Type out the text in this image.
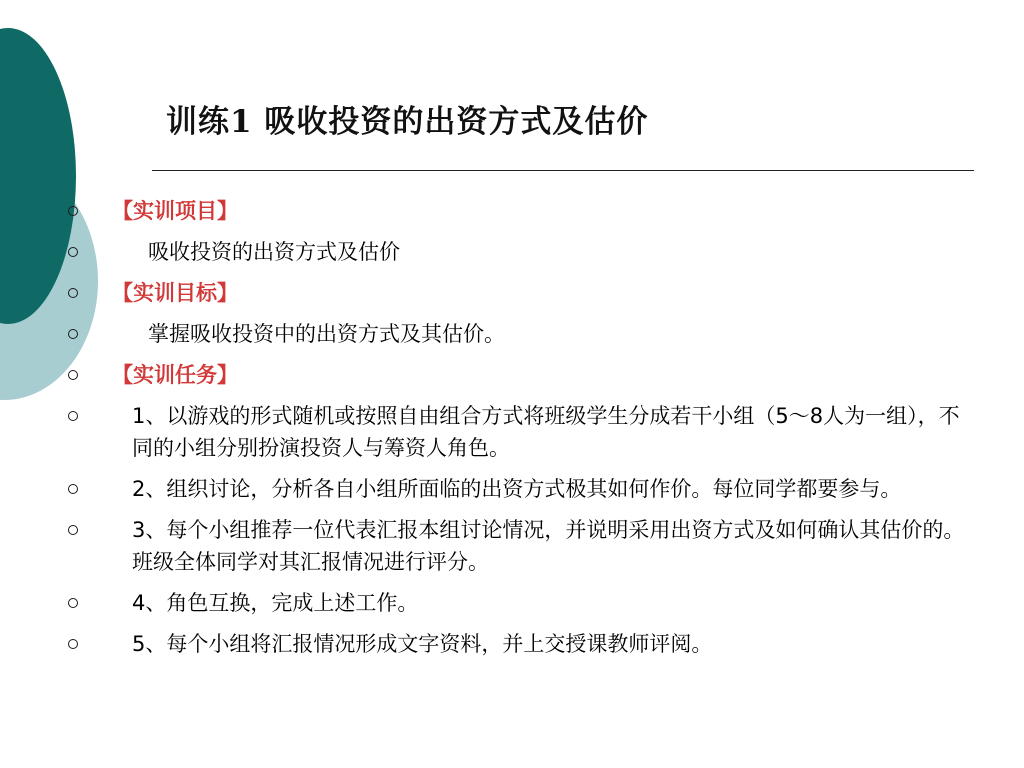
训练1 吸收投资的出资方式及估价
【实训项目】
吸收投资的出资方式及估价
【实训目标】
掌握吸收投资中的出资方式及其估价。
【实训任务】
1、以游戏的形式随机或按照自由组合方式将班级学生分成若干小组（5～8人为一组），不同的小组分别扮演投资人与筹资人角色。
2、组织讨论，分析各自小组所面临的出资方式极其如何作价。每位同学都要参与。
3、每个小组推荐一位代表汇报本组讨论情况，并说明采用出资方式及如何确认其估价的。班级全体同学对其汇报情况进行评分。
4、角色互换，完成上述工作。
5、每个小组将汇报情况形成文字资料，并上交授课教师评阅。
